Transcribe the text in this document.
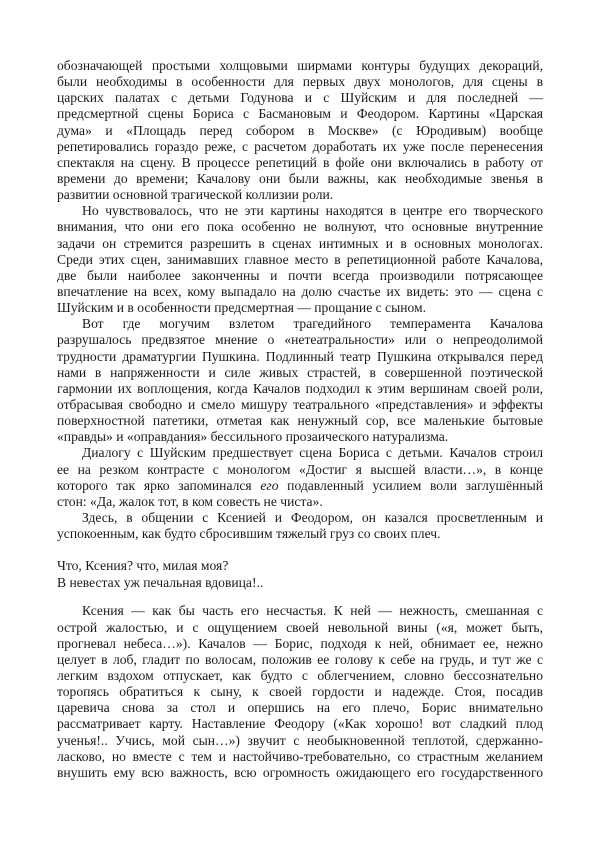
обозначающей простыми холщовыми ширмами контуры будущих декораций,
были необходимы в особенности для первых двух монологов, для сцены в
царских палатах с детьми Годунова и с Шуйским и для последней —
предсмертной сцены Бориса с Басмановым и Феодором. Картины «Царская
дума» и «Площадь перед собором в Москве» (с Юродивым) вообще
репетировались гораздо реже, с расчетом доработать их уже после перенесения
спектакля на сцену. В процессе репетиций в фойе они включались в работу от
времени до времени; Качалову они были важны, как необходимые звенья в
развитии основной трагической коллизии роли.
Но чувствовалось, что не эти картины находятся в центре его творческого
внимания, что они его пока особенно не волнуют, что основные внутренние
задачи он стремится разрешить в сценах интимных и в основных монологах.
Среди этих сцен, занимавших главное место в репетиционной работе Качалова,
две были наиболее законченны и почти всегда производили потрясающее
впечатление на всех, кому выпадало на долю счастье их видеть: это — сцена с
Шуйским и в особенности предсмертная — прощание с сыном.
Вот где могучим взлетом трагедийного темперамента Качалова
разрушалось предвзятое мнение о «нетеатральности» или о непреодолимой
трудности драматургии Пушкина. Подлинный театр Пушкина открывался перед
нами в напряженности и силе живых страстей, в совершенной поэтической
гармонии их воплощения, когда Качалов подходил к этим вершинам своей роли,
отбрасывая свободно и смело мишуру театрального «представления» и эффекты
поверхностной патетики, отметая как ненужный сор, все маленькие бытовые
«правды» и «оправдания» бессильного прозаического натурализма.
Диалогу с Шуйским предшествует сцена Бориса с детьми. Качалов строил
ее на резком контрасте с монологом «Достиг я высшей власти…», в конце
которого так ярко запоминался его подавленный усилием воли заглушённый
стон: «Да, жалок тот, в ком совесть не чиста».
Здесь, в общении с Ксенией и Феодором, он казался просветленным и
успокоенным, как будто сбросившим тяжелый груз со своих плеч.
Что, Ксения? что, милая моя?
В невестах уж печальная вдовица!..
Ксения — как бы часть его несчастья. К ней — нежность, смешанная с
острой жалостью, и с ощущением своей невольной вины («я, может быть,
прогневал небеса…»). Качалов — Борис, подходя к ней, обнимает ее, нежно
целует в лоб, гладит по волосам, положив ее голову к себе на грудь, и тут же с
легким вздохом отпускает, как будто с облегчением, словно бессознательно
торопясь обратиться к сыну, к своей гордости и надежде. Стоя, посадив
царевича снова за стол и опершись на его плечо, Борис внимательно
рассматривает карту. Наставление Феодору («Как хорошо! вот сладкий плод
ученья!.. Учись, мой сын…») звучит с необыкновенной теплотой, сдержанно-
ласково, но вместе с тем и настойчиво-требовательно, со страстным желанием
внушить ему всю важность, всю огромность ожидающего его государственного
